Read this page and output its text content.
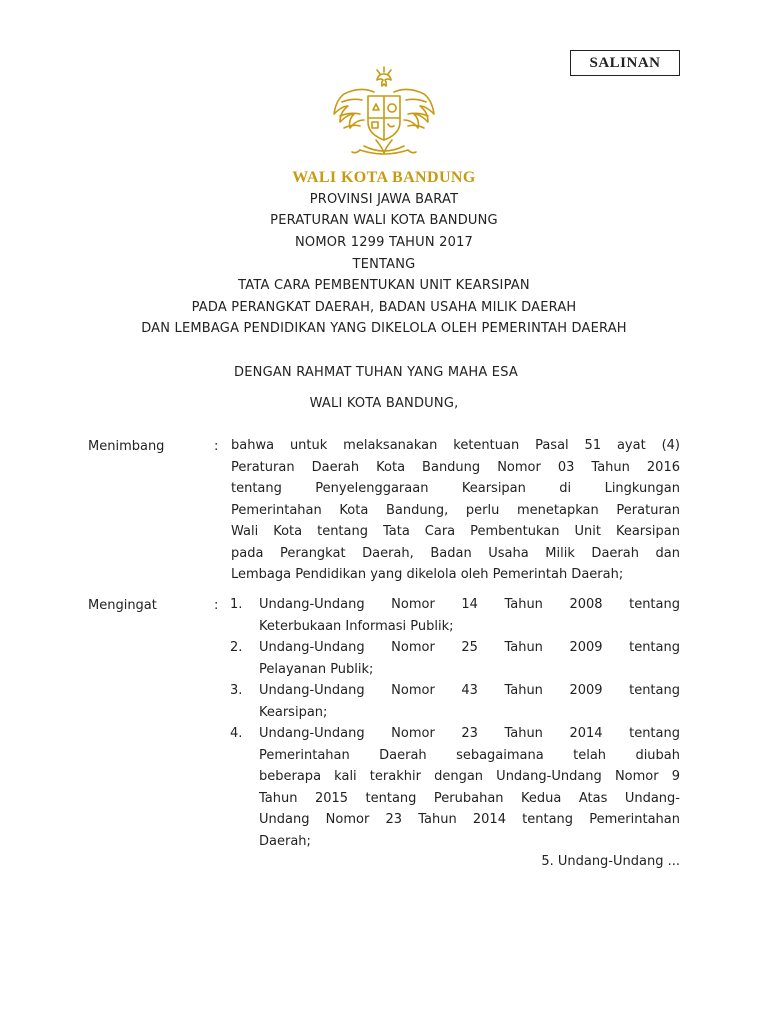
SALINAN
WALI KOTA BANDUNG
PROVINSI JAWA BARAT
PERATURAN WALI KOTA BANDUNG
NOMOR 1299 TAHUN 2017
TENTANG
TATA CARA PEMBENTUKAN UNIT KEARSIPAN
PADA PERANGKAT DAERAH, BADAN USAHA MILIK DAERAH
DAN LEMBAGA PENDIDIKAN YANG DIKELOLA OLEH PEMERINTAH DAERAH
DENGAN RAHMAT TUHAN YANG MAHA ESA
WALI KOTA BANDUNG,
Menimbang	: bahwa untuk melaksanakan ketentuan Pasal 51 ayat (4)
Peraturan Daerah Kota Bandung Nomor 03 Tahun 2016
tentang Penyelenggaraan Kearsipan di Lingkungan
Pemerintahan Kota Bandung, perlu menetapkan Peraturan
Wali Kota tentang Tata Cara Pembentukan Unit Kearsipan
pada Perangkat Daerah, Badan Usaha Milik Daerah dan
Lembaga Pendidikan yang dikelola oleh Pemerintah Daerah;
Mengingat	: 1. Undang-Undang Nomor 14 Tahun 2008 tentang
Keterbukaan Informasi Publik;
2. Undang-Undang Nomor 25 Tahun 2009 tentang
Pelayanan Publik;
3. Undang-Undang Nomor 43 Tahun 2009 tentang
Kearsipan;
4. Undang-Undang Nomor 23 Tahun 2014 tentang
Pemerintahan Daerah sebagaimana telah diubah
beberapa kali terakhir dengan Undang-Undang Nomor 9
Tahun 2015 tentang Perubahan Kedua Atas Undang-
Undang Nomor 23 Tahun 2014 tentang Pemerintahan
Daerah;
5. Undang-Undang ...
